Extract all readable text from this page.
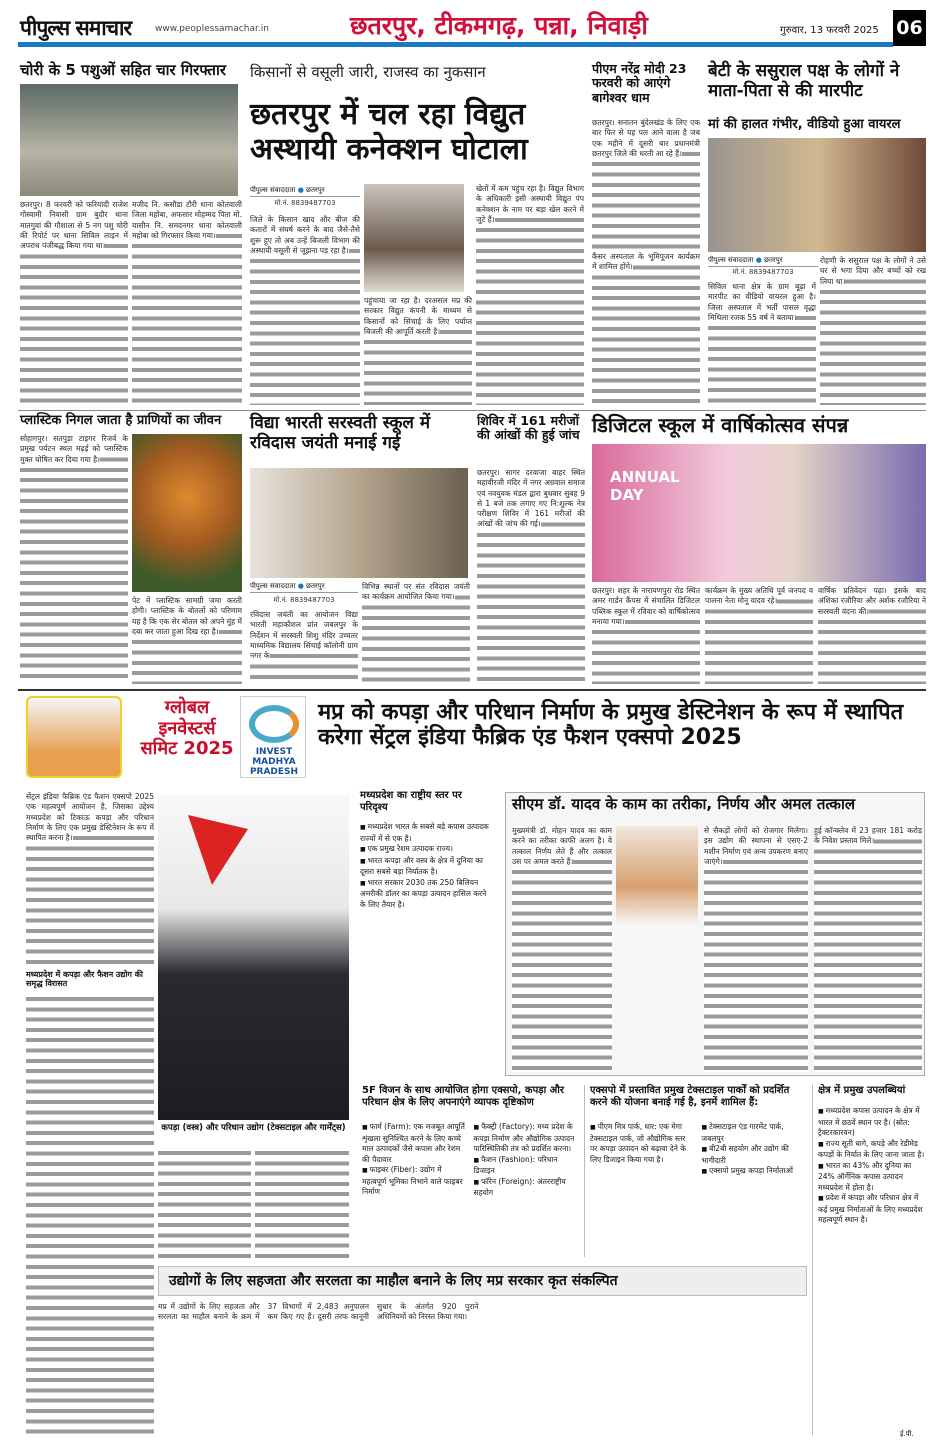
पीपुल्स समाचार	www.peoplessamachar.in	छतरपुर, टीकमगढ़, पन्ना, निवाड़ी	गुरुवार, 13 फरवरी 2025 06
चोरी के 5 पशुओं सहित चार गिरफ्तार
छतरपुर। 8 फरवरी को फरियादी राजेश गोस्वामी निवासी ग्राम बुदौर थाना मातगुवां की गौशाला से 5 नग पशु चोरी की रिपोर्ट पर थाना सिविल लाइन में अपराध पंजीबद्ध किया गया था।
मजीद नि. कसौडा टौरी थाना कोतवाली जिला महोबा, अफसार मोहम्मद पिता मो. यासीन नि. समदनगर थाना कोतवाली महोबा को गिरफ्तार किया गया।
किसानों से वसूली जारी, राजस्व का नुकसान
छतरपुर में चल रहा विद्युत अस्थायी कनेक्शन घोटाला
पीपुल्स संवाददाता ● छतरपुर
मो.नं. 8839487703
जिले के किसान खाद और बीज की कतारों में संघर्ष करने के बाद जैसे-तैसे शुरू हुए तो अब उन्हें बिजली विभाग की अस्थायी वसूली से जूझना पड़ रहा है।
पहुंचाया जा रहा है। दरअसल मप्र की सरकार विद्युत कंपनी के माध्यम से किसानों को सिंचाई के लिए पर्याप्त बिजली की आपूर्ति करती है।
खेतों में कम पहुंच रहा है। विद्युत विभाग के अधिकारी इसी अस्थायी विद्युत पंप कनेक्शन के नाम पर बड़ा खेल करने में जुटे हैं।
पीएम नरेंद्र मोदी 23 फरवरी को आएंगे बागेश्वर धाम
छतरपुर। सनातन बुंदेलखंड के लिए एक बार फिर से यह पल आने वाला है जब एक महीने में दूसरी बार प्रधानमंत्री छतरपुर जिले की धरती आ रहे हैं।
कैंसर अस्पताल के भूमिपूजन कार्यक्रम में शामिल होंगे।
बेटी के ससुराल पक्ष के लोगों ने माता-पिता से की मारपीट
मां की हालत गंभीर, वीडियो हुआ वायरल
पीपुल्स संवाददाता ● छतरपुर
मो.नं. 8839487703
सिविल थाना क्षेत्र के ग्राम बूढ़ा में मारपीट का वीडियो वायरल हुआ है। जिला अस्पताल में भर्ती पासल वृद्धा मिथिला रजक 55 वर्ष ने बताया।
रोहणी के ससुराल पक्ष के लोगों ने उसे घर से भगा दिया और बच्चों को रख लिया था।
प्लास्टिक निगल जाता है प्राणियों का जीवन
सोहागपुर। सतपुड़ा टाइगर रिजर्व के प्रमुख पर्यटन स्थल मढ़ई को प्लास्टिक मुक्त घोषित कर दिया गया है।
पेट में प्लास्टिक सामग्री जमा करती होगी। प्लास्टिक के बोतलों को परिणाम यह है कि एक सेर बोतल को अपने मुंह में दबा कर जाता हुआ दिख रहा है।
विद्या भारती सरस्वती स्कूल में रविदास जयंती मनाई गई
पीपुल्स संवाददाता ● छतरपुर
मो.नं. 8839487703
रविदास जयंती का आयोजन विद्या भारती महाकौशल प्रांत जबलपुर के निर्देशन में सरस्वती शिशु मंदिर उच्चतर माध्यमिक विद्यालय सिंचाई कॉलोनी ग्राम नगर के
विभिन्न स्थानों पर संत रविदास जयंती का कार्यक्रम आयोजित किया गया।
शिविर में 161 मरीजों की आंखों की हुई जांच
छतरपुर। सागर दरवाजा बाहर स्थित महावीरजी मंदिर में नगर अग्रवाल समाज एवं नवयुवक मंडल द्वारा बुधवार सुबह 9 से 1 बजे तक लगाए गए नि:शुल्क नेत्र परीक्षण शिविर में 161 मरीजों की आंखों की जांच की गई।
डिजिटल स्कूल में वार्षिकोत्सव संपन्न
ANNUAL DAY
छतरपुर। शहर के नारायणपुरा रोड स्थित अमर गार्डन कैंपस में संचालित डिजिटल पब्लिक स्कूल में रविवार को वार्षिकोत्सव मनाया गया।
कार्यक्रम के मुख्य अतिथि पूर्व जनपद व पालना नेता मोनू यादव रहे।
वार्षिक प्रतिवेदन पढ़ा। इसके बाद अंशिका रजौरिया और अर्शक रजौरिया ने सरस्वती वंदना की।
ग्लोबल इनवेस्टर्स समिट 2025	INVEST MADHYA PRADESH
मप्र को कपड़ा और परिधान निर्माण के प्रमुख डेस्टिनेशन के रूप में स्थापित करेगा सेंट्रल इंडिया फैब्रिक एंड फैशन एक्सपो 2025
सेंट्रल इंडिया फैब्रिक एंड फैशन एक्सपो 2025 एक महत्वपूर्ण आयोजन है, जिसका उद्देश्य मध्यप्रदेश को टिकाऊ कपड़ा और परिधान निर्माण के लिए एक प्रमुख डेस्टिनेशन के रूप में स्थापित करना है।
मध्यप्रदेश में कपड़ा और फैशन उद्योग की समृद्ध विरासत
कपड़ा (वस्त्र) और परिधान उद्योग (टेक्सटाइल और गार्मेंट्स)
मध्यप्रदेश का राष्ट्रीय स्तर पर परिदृश्य
■ मध्यप्रदेश भारत के सबसे बड़े कपास उत्पादक राज्यों में से एक है।
■ एक प्रमुख रेशम उत्पादक राज्य।
■ भारत कपड़ा और वस्त्र के क्षेत्र में दुनिया का दूसरा सबसे बड़ा निर्यातक है।
■ भारत सरकार 2030 तक 250 बिलियन अमरीकी डॉलर का कपड़ा उत्पादन हासिल करने के लिए तैयार है।
सीएम डॉ. यादव के काम का तरीका, निर्णय और अमल तत्काल
मुख्यमंत्री डॉ. मोहन यादव का काम करने का तरीका काफी अलग है। वे तत्काल निर्णय लेते हैं और तत्काल उस पर अमल करते हैं।
से सैकड़ों लोगों को रोजगार मिलेगा। इस उद्योग की स्थापना से एसए-2 मशीन निर्माण एवं अन्य उपकरण बनाए जाएंगे।
हुई कॉन्क्लेव में 23 हजार 181 करोड़ के निवेश प्रस्ताव मिले।
5F विजन के साथ आयोजित होगा एक्सपो, कपड़ा और परिधान क्षेत्र के लिए अपनाएंगे व्यापक दृष्टिकोण
■ फार्म (Farm): एक मजबूत आपूर्ति शृंखला सुनिश्चित करने के लिए कच्चे माल उत्पादकों जैसे कपास और रेशम की पैदावार
■ फाइबर (Fiber): उद्योग में महत्वपूर्ण भूमिका निभाने वाले फाइबर निर्माण
■ फैक्ट्री (Factory): मध्य प्रदेश के कपड़ा निर्माण और औद्योगिक उत्पादन पारिस्थितिकी तंत्र को प्रदर्शित करना।
■ फैशन (Fashion): परिधान डिजाइन
■ फॉरेन (Foreign): अंतरराष्ट्रीय सहयोग
एक्सपो में प्रस्तावित प्रमुख टेक्सटाइल पार्कों को प्रदर्शित करने की योजना बनाई गई है, इनमें शामिल हैं:
■ पीएम मित्र पार्क, धार: एक मेगा टेक्सटाइल पार्क, जो औद्योगिक स्तर पर कपड़ा उत्पादन को बढ़ावा देने के लिए डिजाइन किया गया है।
■ टेक्सटाइल एंड गारमेंट पार्क, जबलपुर
■ बी2बी सहयोग और उद्योग की भागीदारी
■ एक्सपो प्रमुख कपड़ा निर्माताओं
क्षेत्र में प्रमुख उपलब्धियां
■ मध्यप्रदेश कपास उत्पादन के क्षेत्र में भारत में छठवें स्थान पर है। (स्रोत: ट्रैक्टरकारवन)
■ राज्य सूती धागे, कपड़े और रेडीमेड कपड़ों के निर्यात के लिए जाना जाता है।
■ भारत का 43% और दुनिया का 24% ऑर्गेनिक कपास उत्पादन मध्यप्रदेश में होता है।
■ प्रदेश में कपड़ा और परिधान क्षेत्र में कई प्रमुख निर्माताओं के लिए मध्यप्रदेश महत्वपूर्ण स्थान है।
उद्योगों के लिए सहजता और सरलता का माहौल बनाने के लिए मप्र सरकार कृत संकल्पित
मप्र में उद्योगों के लिए सहजता और सरलता का माहौल बनाने के क्रम में 37 विभागों में 2,483 अनुपालन कम किए गए हैं। दूसरी तरफ कानूनी सुधार के अंतर्गत 920 पुराने अधिनियमों को निरस्त किया गया।
ई.पी.
